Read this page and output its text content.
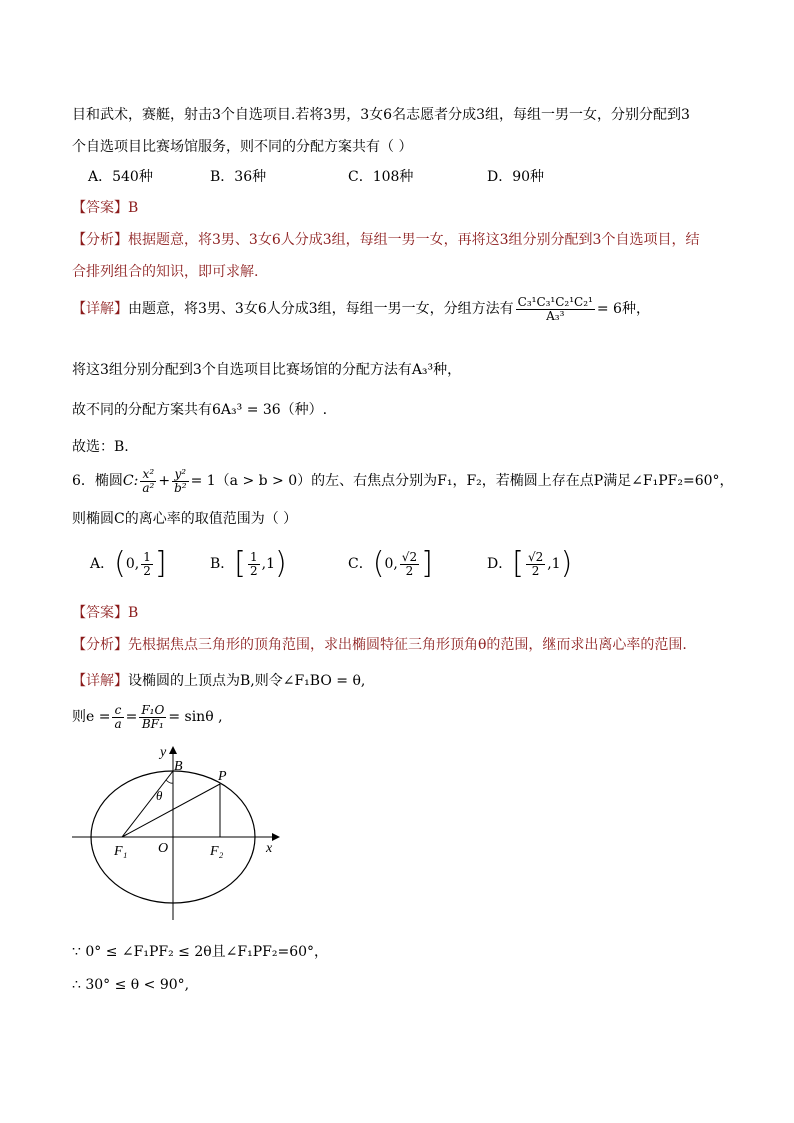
目和武术，赛艇，射击3个自选项目.若将3男，3女6名志愿者分成3组，每组一男一女，分别分配到3
个自选项目比赛场馆服务，则不同的分配方案共有（ ）
A．540种	B．36种	C．108种	D．90种
【答案】B
【分析】根据题意，将3男、3女6人分成3组，每组一男一女，再将这3组分别分配到3个自选项目，结
合排列组合的知识，即可求解.
【详解】由题意，将3男、3女6人分成3组，每组一男一女，分组方法有 $\frac{\text{C₃¹C₃¹C₂¹C₂¹}}{\text{A₃³}} = 6$种，
将这3组分别分配到3个自选项目比赛场馆的分配方法有A₃³种，
故不同的分配方案共有6A₃³ = 36（种）.
故选：B.
6．椭圆C: $\frac{\text{x²}}{\text{a²}} + \frac{\text{y²}}{\text{b²}} = 1(a > b > 0)$的左、右焦点分别为F₁，F₂，若椭圆上存在点P满足∠F₁PF₂=60°，
则椭圆C的离心率的取值范围为（ ）
A．(0, $\frac{1}{2}$ ]	B．[ $\frac{1}{2} ,1$)	C．(0, $\frac{√2}{2}$ ]	D．[ $\frac{√2}{2} ,1$)
【答案】B
【分析】先根据焦点三角形的顶角范围，求出椭圆特征三角形顶角θ的范围，继而求出离心率的范围.
【详解】设椭圆的上顶点为B,则令∠F₁BO = θ,
则$e = \frac{c}{a} = \frac{\text{F₁O}}{\text{BF₁}} = \sin\theta$ ,
y
x
B
P
θ
F₁ O	F₂
∵ 0° ≤ ∠F₁PF₂ ≤ 2θ且∠F₁PF₂=60°，
∴ 30° ≤ θ < 90°,
